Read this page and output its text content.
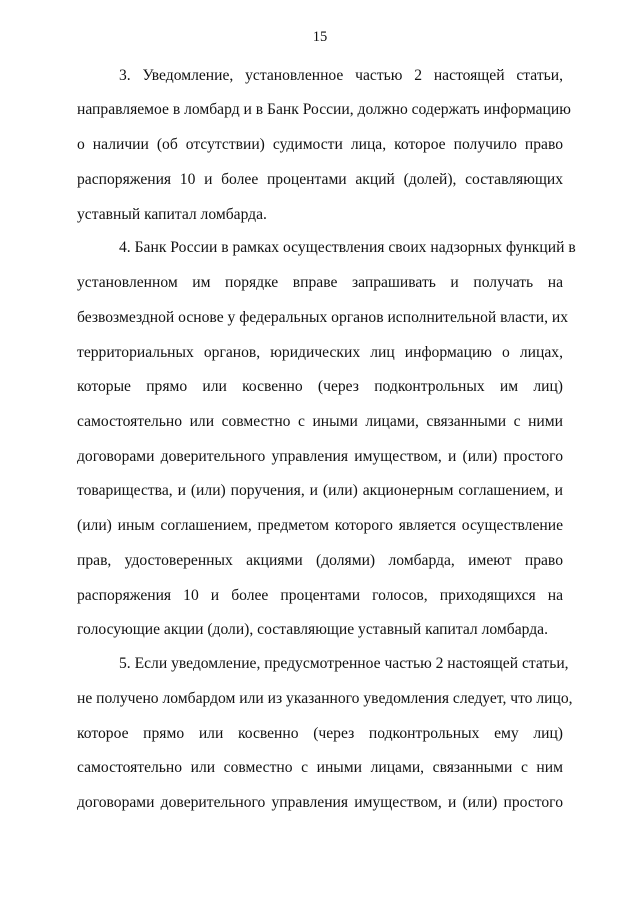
15
3. Уведомление, установленное частью 2 настоящей статьи,
направляемое в ломбард и в Банк России, должно содержать информацию
о наличии (об отсутствии) судимости лица, которое получило право
распоряжения 10 и более процентами акций (долей), составляющих
уставный капитал ломбарда.
4. Банк России в рамках осуществления своих надзорных функций в
установленном им порядке вправе запрашивать и получать на
безвозмездной основе у федеральных органов исполнительной власти, их
территориальных органов, юридических лиц информацию о лицах,
которые прямо или косвенно (через подконтрольных им лиц)
самостоятельно или совместно с иными лицами, связанными с ними
договорами доверительного управления имуществом, и (или) простого
товарищества, и (или) поручения, и (или) акционерным соглашением, и
(или) иным соглашением, предметом которого является осуществление
прав, удостоверенных акциями (долями) ломбарда, имеют право
распоряжения 10 и более процентами голосов, приходящихся на
голосующие акции (доли), составляющие уставный капитал ломбарда.
5. Если уведомление, предусмотренное частью 2 настоящей статьи,
не получено ломбардом или из указанного уведомления следует, что лицо,
которое прямо или косвенно (через подконтрольных ему лиц)
самостоятельно или совместно с иными лицами, связанными с ним
договорами доверительного управления имуществом, и (или) простого
